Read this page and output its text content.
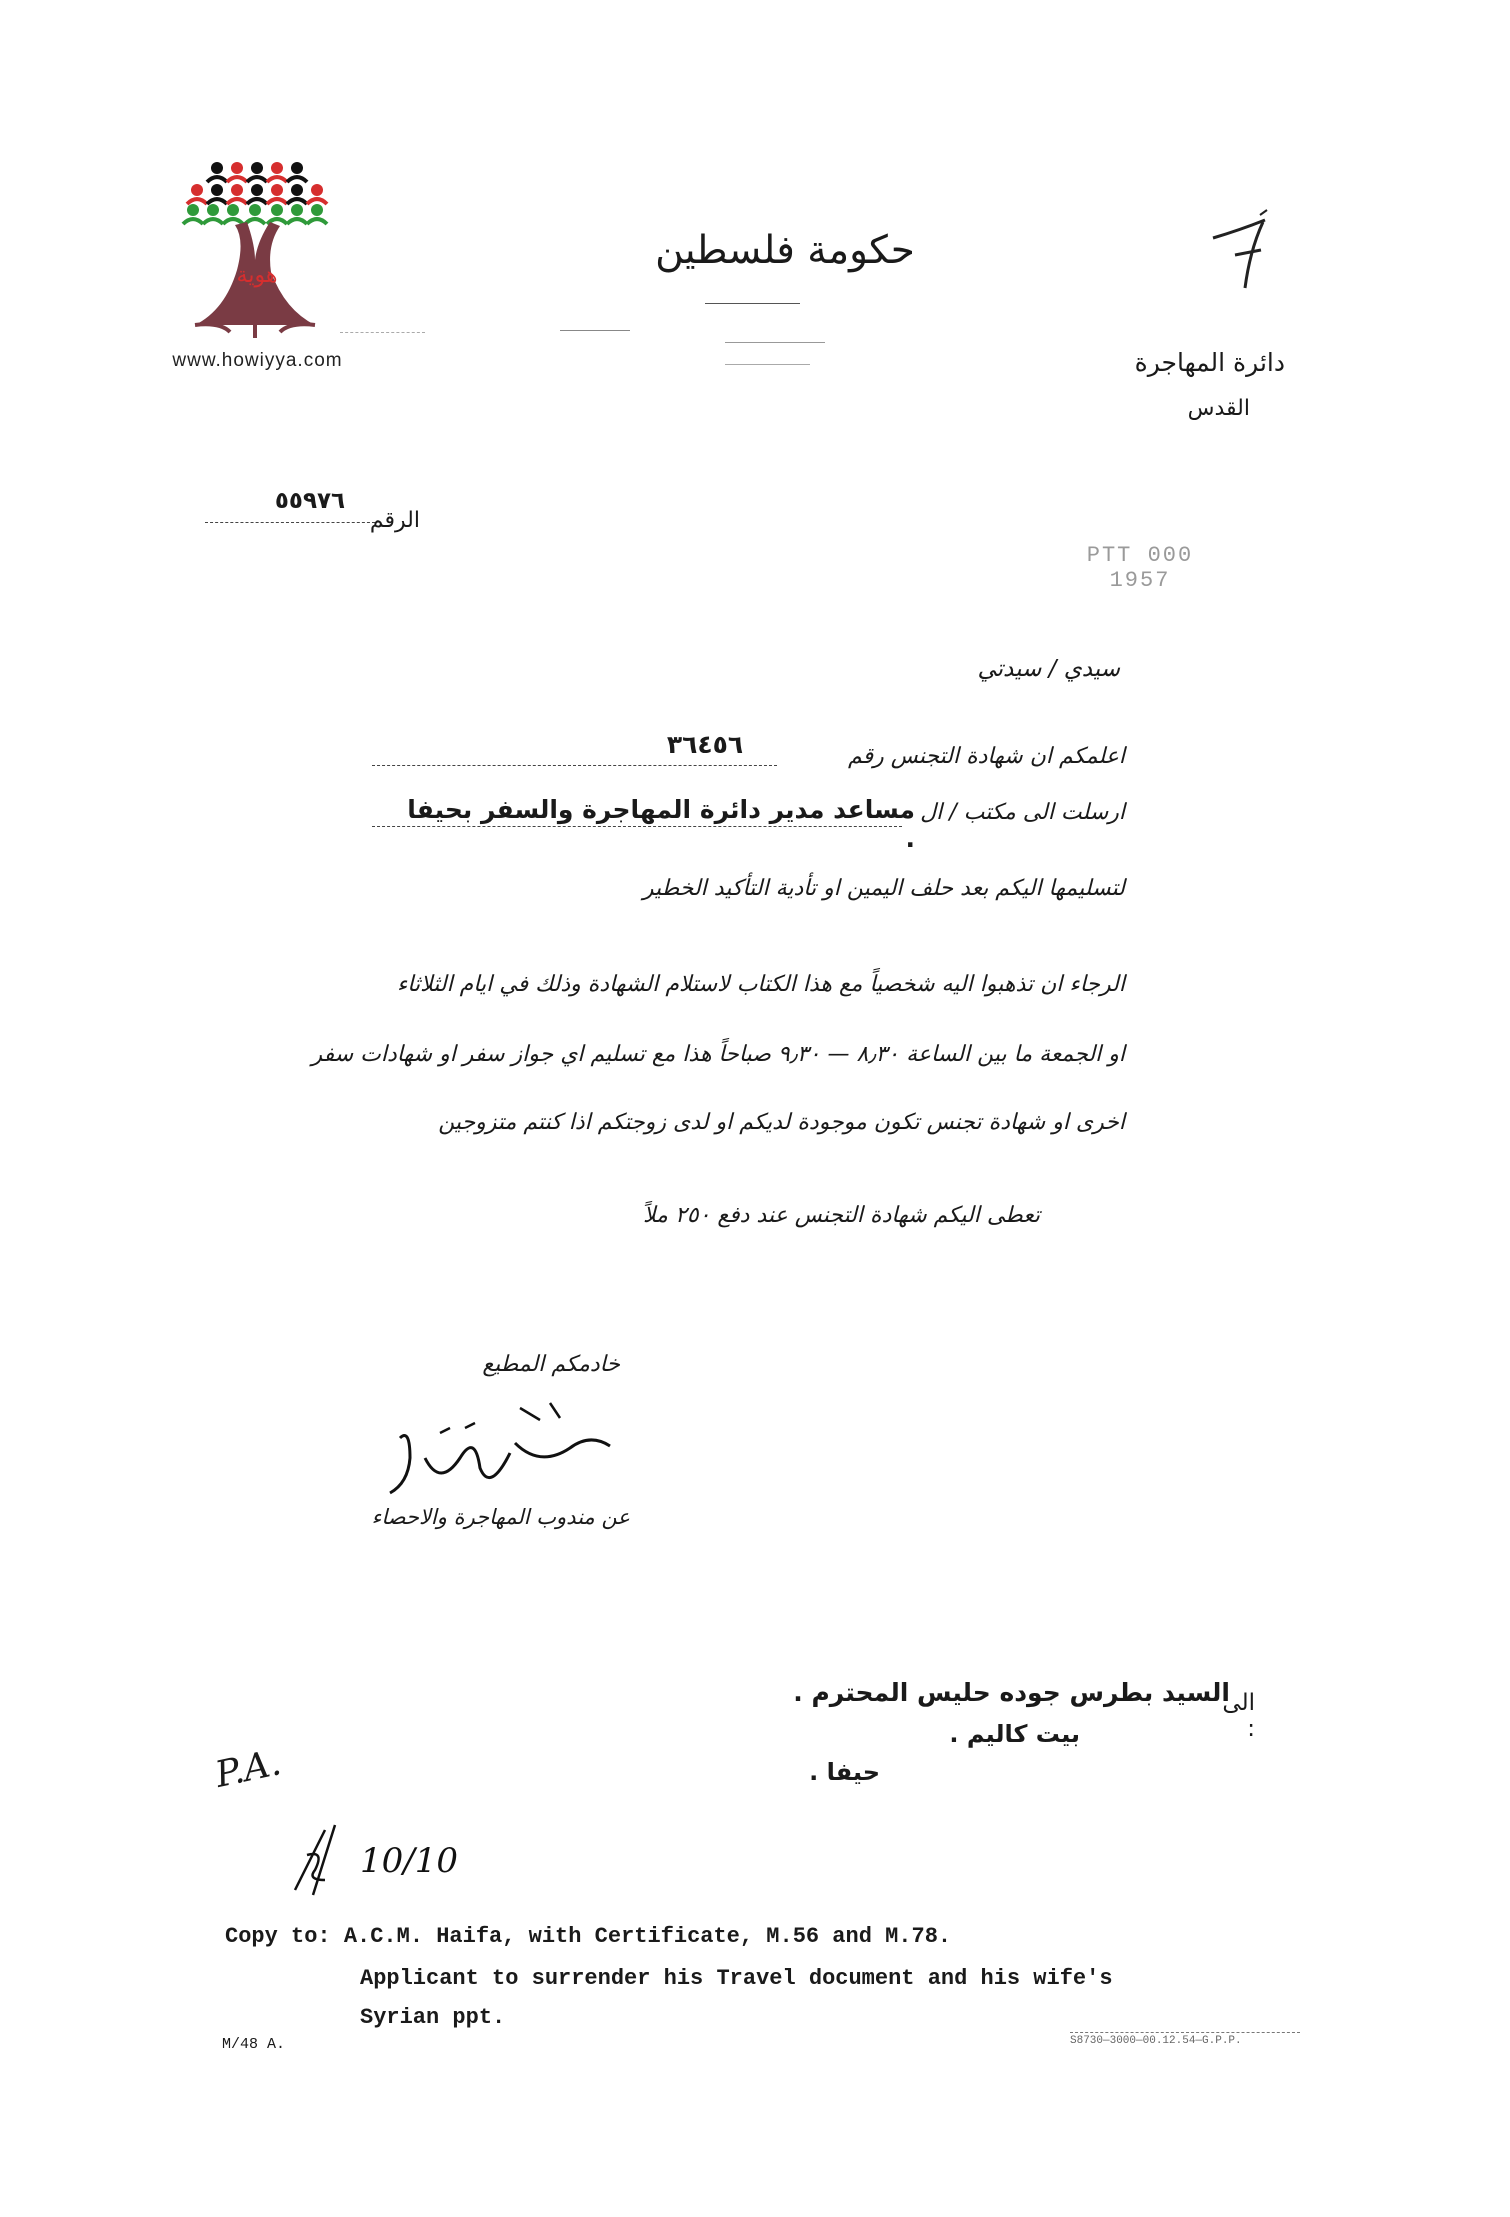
هوية
www.howiyya.com
حكومة فلسطين
دائرة المهاجرة
القدس
الرقم
٥٥٩٧٦
PTT 000 1957
سيدي / سيدتي
اعلمكم ان شهادة التجنس رقم
٣٦٤٥٦
ارسلت الى مكتب / ال
مساعد مدير دائرة المهاجرة والسفر بحيفا .
لتسليمها اليكم بعد حلف اليمين او تأدية التأكيد الخطير
الرجاء ان تذهبوا اليه شخصياً مع هذا الكتاب لاستلام الشهادة وذلك في ايام الثلاثاء
او الجمعة ما بين الساعة ٨٫٣٠ — ٩٫٣٠ صباحاً هذا مع تسليم اي جواز سفر او شهادات سفر
اخرى او شهادة تجنس تكون موجودة لديكم او لدى زوجتكم اذا كنتم متزوجين
تعطى اليكم شهادة التجنس عند دفع ٢٥٠ ملاً
خادمكم المطيع
عن مندوب المهاجرة والاحصاء
الى :
السيد بطرس جوده حليس المحترم .
بيت كاليم .
حيفا .
P.A.
10/10
Copy to: A.C.M. Haifa, with Certificate, M.56 and M.78.
Applicant to surrender his Travel document and his wife's
Syrian ppt.
M/48 A.	S8730—3000—00.12.54—G.P.P.
